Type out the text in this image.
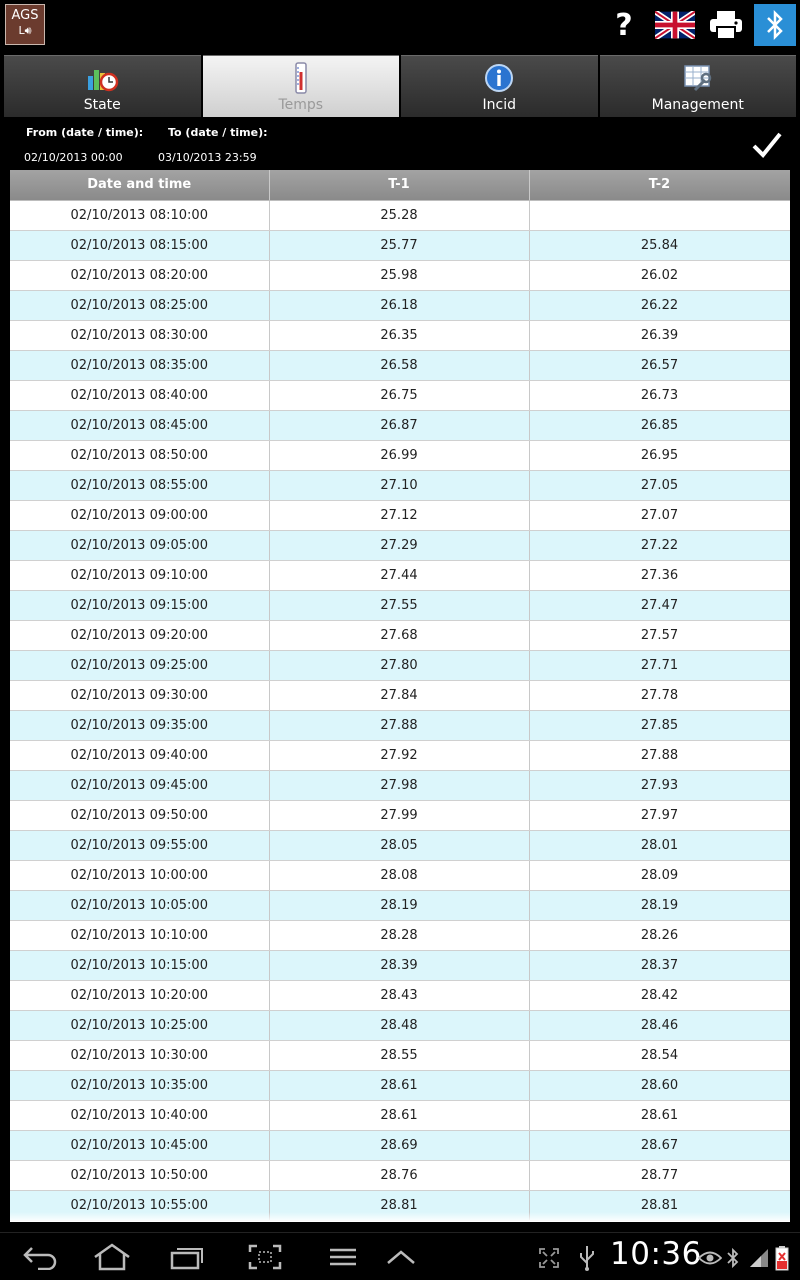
AGS
L🔊︎	?
State	Temps	Incid	Management
From (date / time): To (date / time):
02/10/2013 00:00	03/10/2013 23:59
Date and time	T-1	T-2
02/10/2013 08:10:00	25.28	
02/10/2013 08:15:00	25.77	25.84
02/10/2013 08:20:00	25.98	26.02
02/10/2013 08:25:00	26.18	26.22
02/10/2013 08:30:00	26.35	26.39
02/10/2013 08:35:00	26.58	26.57
02/10/2013 08:40:00	26.75	26.73
02/10/2013 08:45:00	26.87	26.85
02/10/2013 08:50:00	26.99	26.95
02/10/2013 08:55:00	27.10	27.05
02/10/2013 09:00:00	27.12	27.07
02/10/2013 09:05:00	27.29	27.22
02/10/2013 09:10:00	27.44	27.36
02/10/2013 09:15:00	27.55	27.47
02/10/2013 09:20:00	27.68	27.57
02/10/2013 09:25:00	27.80	27.71
02/10/2013 09:30:00	27.84	27.78
02/10/2013 09:35:00	27.88	27.85
02/10/2013 09:40:00	27.92	27.88
02/10/2013 09:45:00	27.98	27.93
02/10/2013 09:50:00	27.99	27.97
02/10/2013 09:55:00	28.05	28.01
02/10/2013 10:00:00	28.08	28.09
02/10/2013 10:05:00	28.19	28.19
02/10/2013 10:10:00	28.28	28.26
02/10/2013 10:15:00	28.39	28.37
02/10/2013 10:20:00	28.43	28.42
02/10/2013 10:25:00	28.48	28.46
02/10/2013 10:30:00	28.55	28.54
02/10/2013 10:35:00	28.61	28.60
02/10/2013 10:40:00	28.61	28.61
02/10/2013 10:45:00	28.69	28.67
02/10/2013 10:50:00	28.76	28.77
02/10/2013 10:55:00	28.81	28.81
10:36
